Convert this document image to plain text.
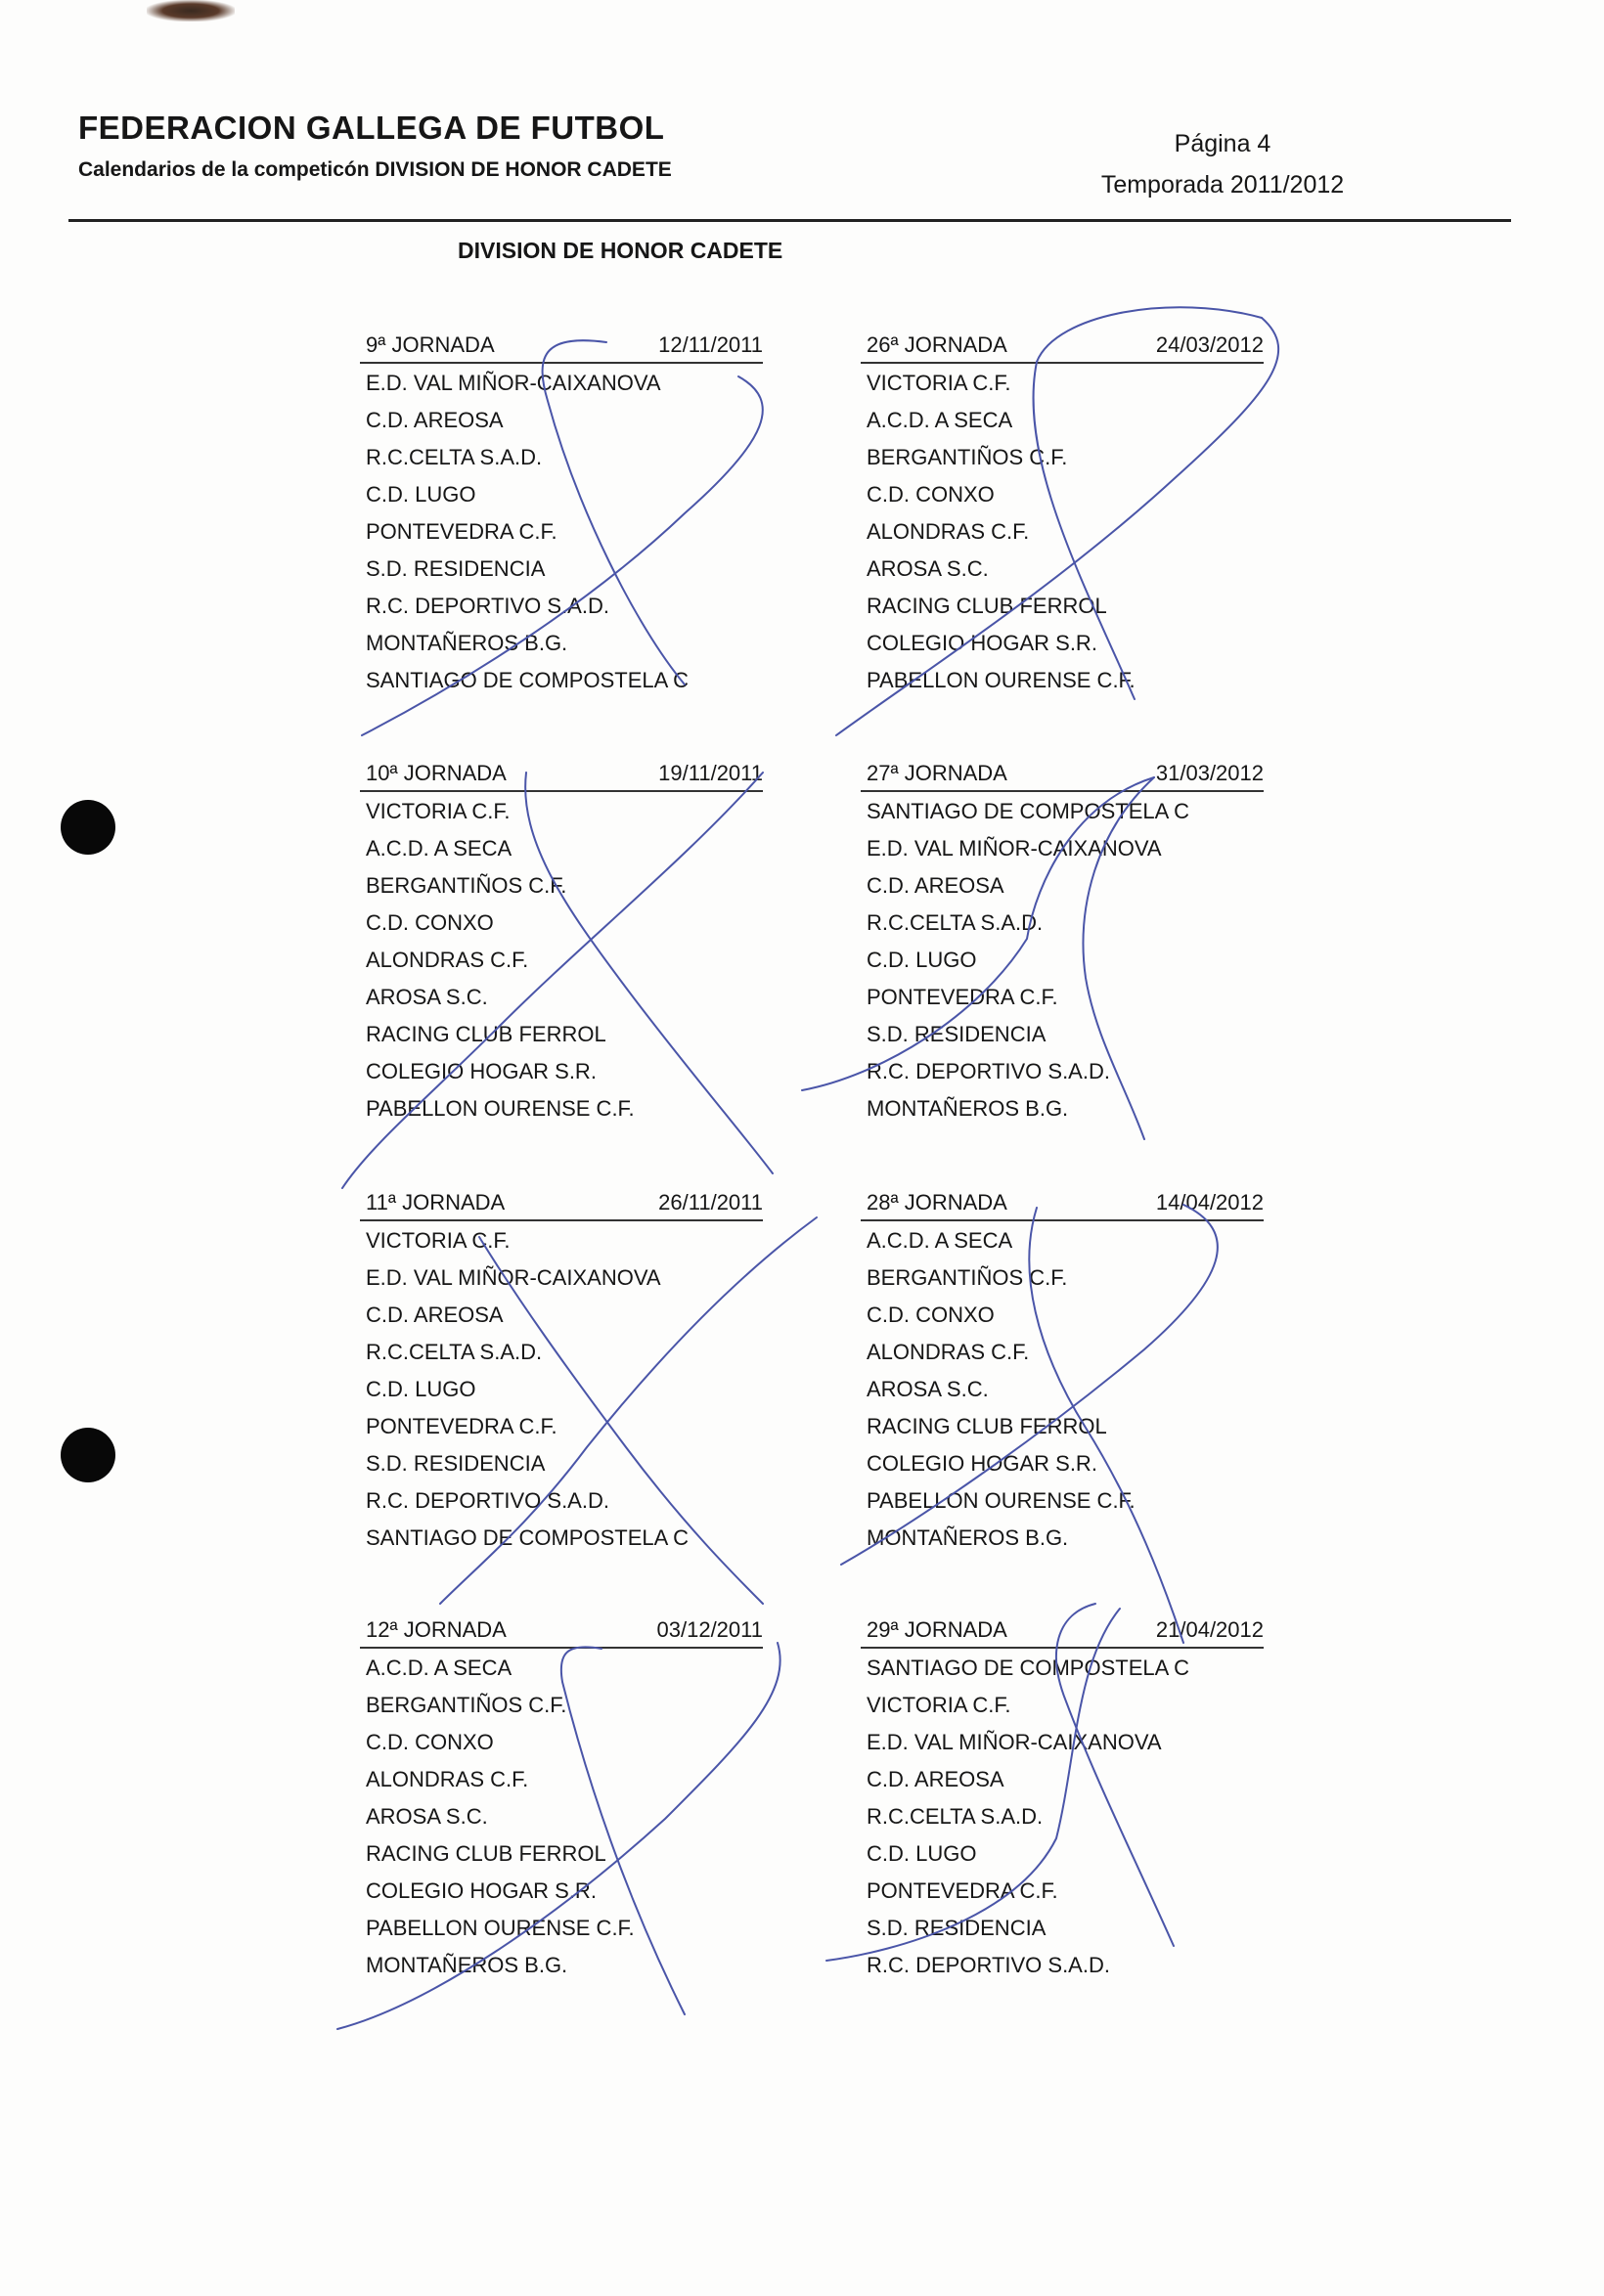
FEDERACION GALLEGA DE FUTBOL
Calendarios de la competicón DIVISION DE HONOR CADETE
Página 4
Temporada 2011/2012
DIVISION DE HONOR CADETE
9ª JORNADA	12/11/2011
E.D. VAL MIÑOR-CAIXANOVA
C.D. AREOSA
R.C.CELTA S.A.D.
C.D. LUGO
PONTEVEDRA C.F.
S.D. RESIDENCIA
R.C. DEPORTIVO S.A.D.
MONTAÑEROS B.G.
SANTIAGO DE COMPOSTELA C
26ª JORNADA	24/03/2012
VICTORIA C.F.
A.C.D. A SECA
BERGANTIÑOS C.F.
C.D. CONXO
ALONDRAS C.F.
AROSA S.C.
RACING CLUB FERROL
COLEGIO HOGAR S.R.
PABELLON OURENSE C.F.
10ª JORNADA	19/11/2011
VICTORIA C.F.
A.C.D. A SECA
BERGANTIÑOS C.F.
C.D. CONXO
ALONDRAS C.F.
AROSA S.C.
RACING CLUB FERROL
COLEGIO HOGAR S.R.
PABELLON OURENSE C.F.
27ª JORNADA	31/03/2012
SANTIAGO DE COMPOSTELA C
E.D. VAL MIÑOR-CAIXANOVA
C.D. AREOSA
R.C.CELTA S.A.D.
C.D. LUGO
PONTEVEDRA C.F.
S.D. RESIDENCIA
R.C. DEPORTIVO S.A.D.
MONTAÑEROS B.G.
11ª JORNADA	26/11/2011
VICTORIA C.F.
E.D. VAL MIÑOR-CAIXANOVA
C.D. AREOSA
R.C.CELTA S.A.D.
C.D. LUGO
PONTEVEDRA C.F.
S.D. RESIDENCIA
R.C. DEPORTIVO S.A.D.
SANTIAGO DE COMPOSTELA C
28ª JORNADA	14/04/2012
A.C.D. A SECA
BERGANTIÑOS C.F.
C.D. CONXO
ALONDRAS C.F.
AROSA S.C.
RACING CLUB FERROL
COLEGIO HOGAR S.R.
PABELLON OURENSE C.F.
MONTAÑEROS B.G.
12ª JORNADA	03/12/2011
A.C.D. A SECA
BERGANTIÑOS C.F.
C.D. CONXO
ALONDRAS C.F.
AROSA S.C.
RACING CLUB FERROL
COLEGIO HOGAR S.R.
PABELLON OURENSE C.F.
MONTAÑEROS B.G.
29ª JORNADA	21/04/2012
SANTIAGO DE COMPOSTELA C
VICTORIA C.F.
E.D. VAL MIÑOR-CAIXANOVA
C.D. AREOSA
R.C.CELTA S.A.D.
C.D. LUGO
PONTEVEDRA C.F.
S.D. RESIDENCIA
R.C. DEPORTIVO S.A.D.
